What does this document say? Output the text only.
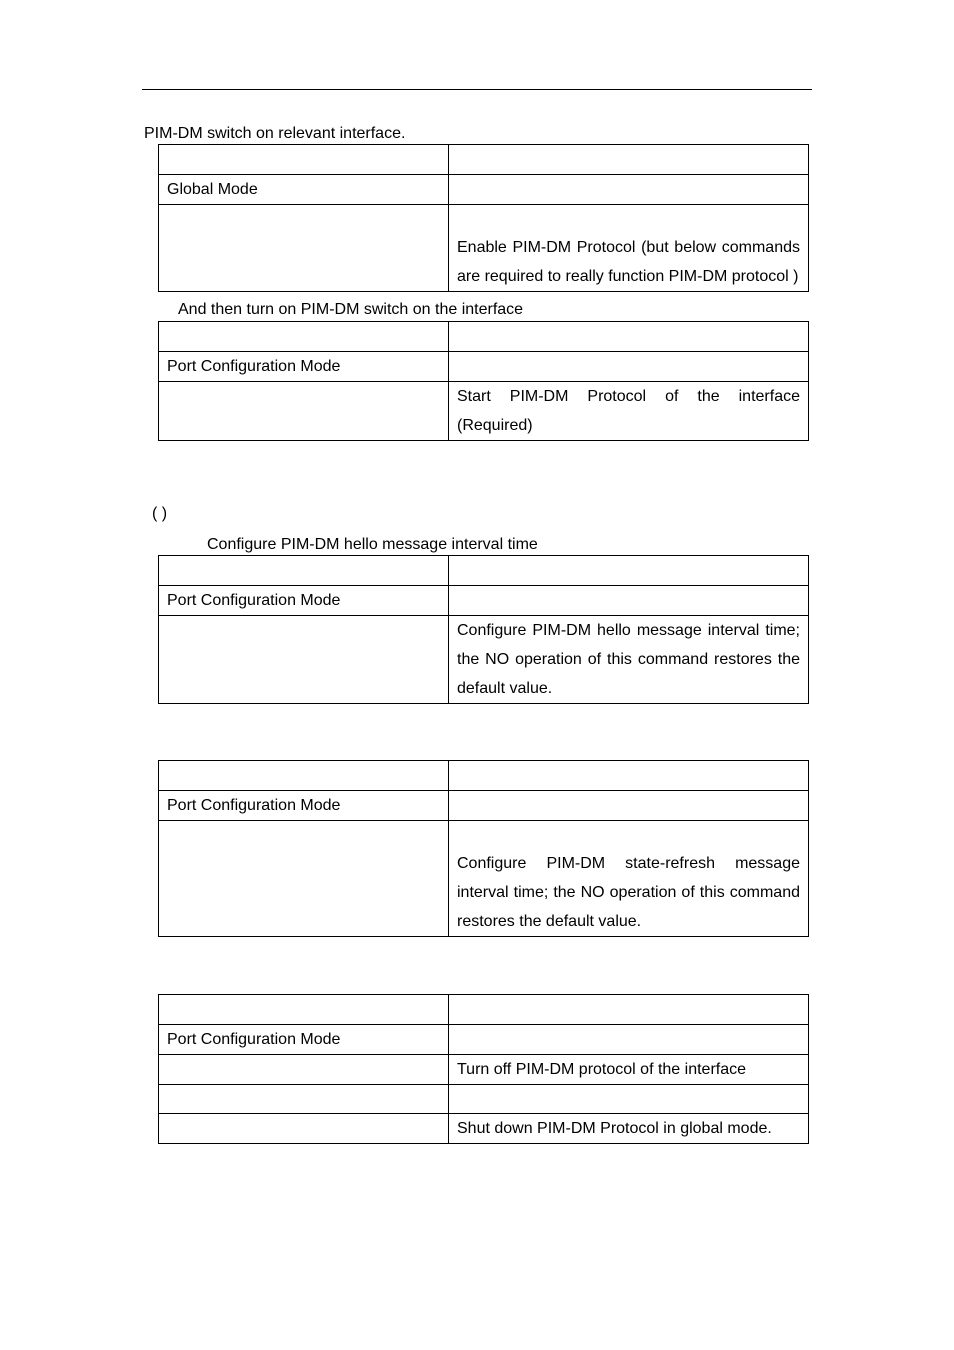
PIM-DM switch on relevant interface.

Global Mode	
	Enable PIM-DM Protocol (but below commands are required to really function PIM-DM protocol )
And then turn on PIM-DM switch on the interface

Port Configuration Mode	
	Start PIM-DM Protocol of the interface (Required)
( )
Configure PIM-DM hello message interval time

Port Configuration Mode	
	Configure PIM-DM hello message interval time; the NO operation of this command restores the default value.

Port Configuration Mode	
	Configure PIM-DM state-refresh message interval time; the NO operation of this command restores the default value.

Port Configuration Mode	
	Turn off PIM-DM protocol of the interface

	Shut down PIM-DM Protocol in global mode.
